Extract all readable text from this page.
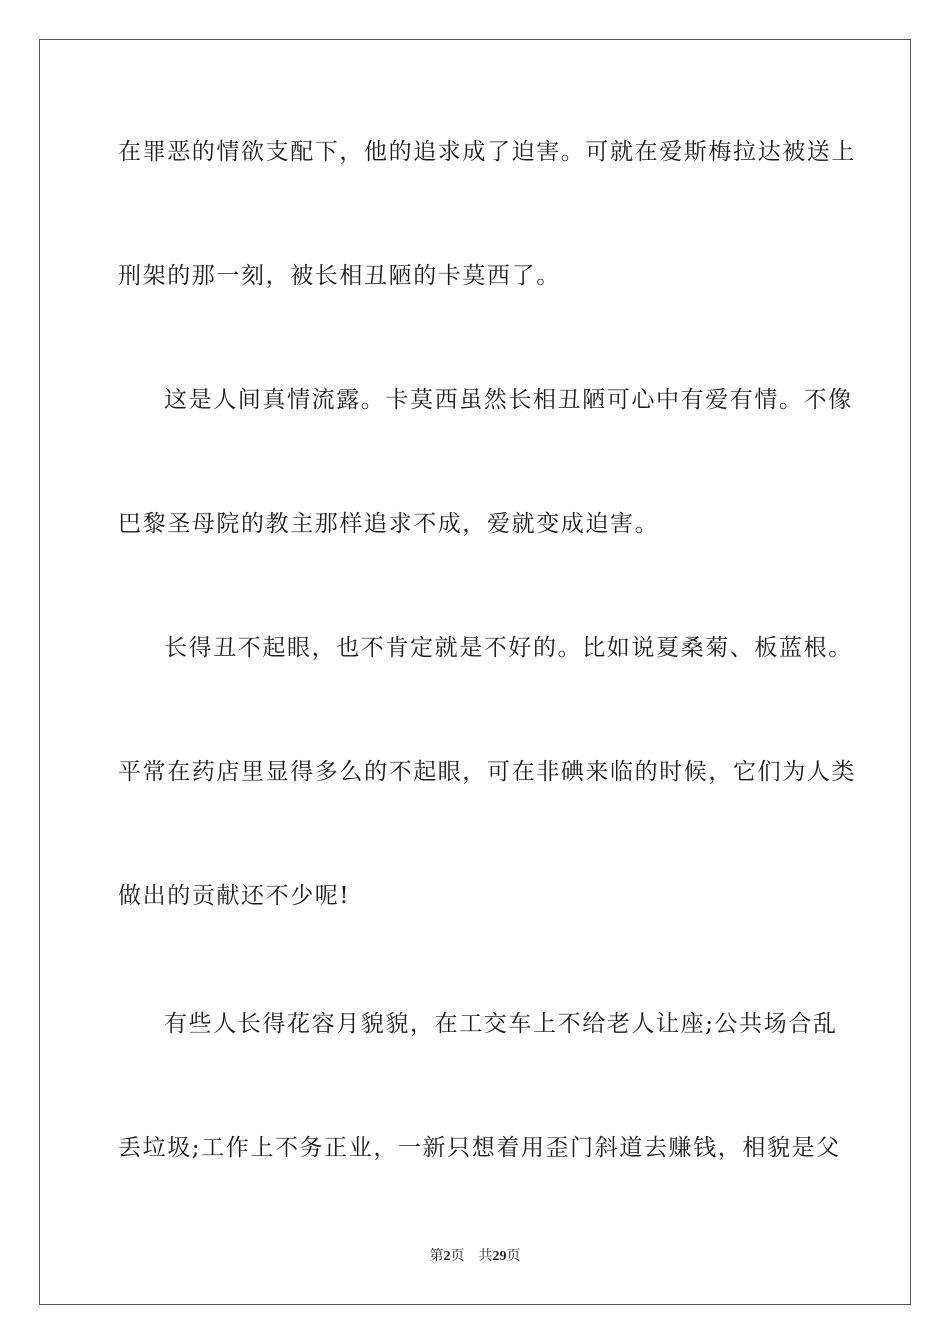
在罪恶的情欲支配下，他的追求成了迫害。可就在爱斯梅拉达被送上
刑架的那一刻，被长相丑陋的卡莫西了。
这是人间真情流露。卡莫西虽然长相丑陋可心中有爱有情。不像
巴黎圣母院的教主那样追求不成，爱就变成迫害。
长得丑不起眼，也不肯定就是不好的。比如说夏桑菊、板蓝根。
平常在药店里显得多么的不起眼，可在非碘来临的时候，它们为人类
做出的贡献还不少呢!
有些人长得花容月貌貌，在工交车上不给老人让座;公共场合乱
丢垃圾;工作上不务正业，一新只想着用歪门斜道去赚钱，相貌是父
第2页 共29页
